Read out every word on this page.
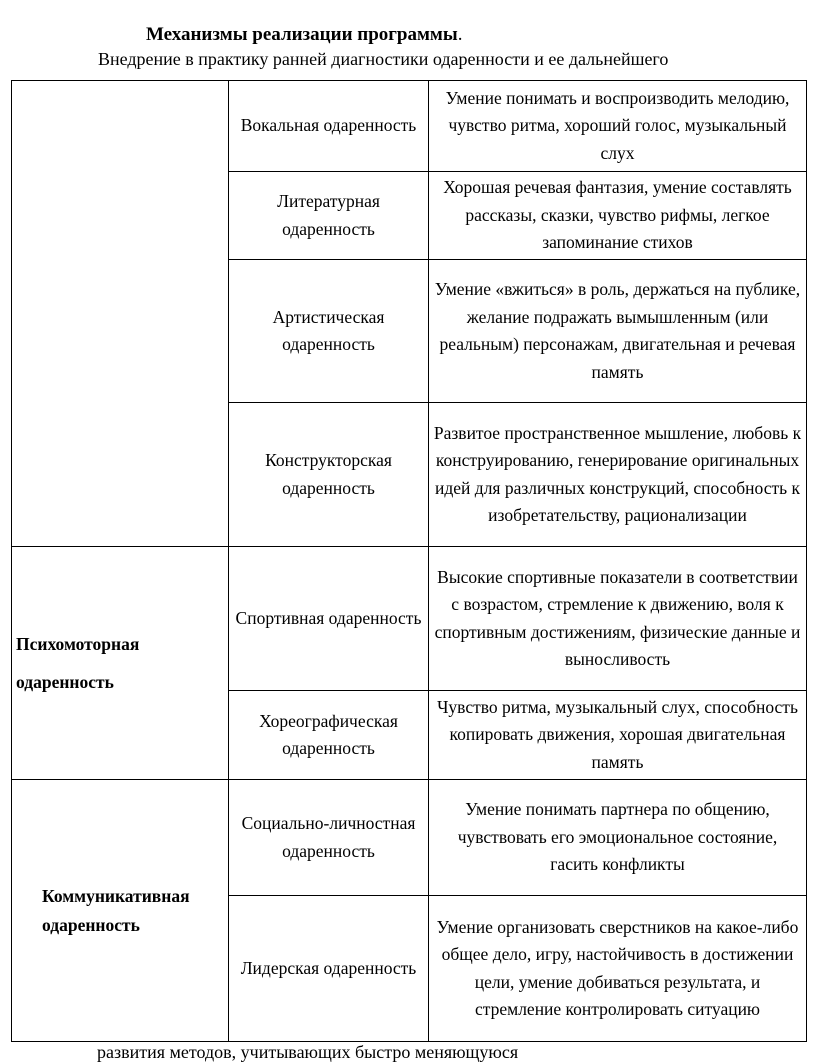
Механизмы реализации программы.
Внедрение в практику ранней диагностики одаренности и ее дальнейшего
	Вокальная одаренность	Умение понимать и воспроизводить мелодию, чувство ритма, хороший голос, музыкальный слух
	Литературная одаренность	Хорошая речевая фантазия, умение составлять рассказы, сказки, чувство рифмы, легкое запоминание стихов
	Артистическая одаренность	Умение «вжиться» в роль, держаться на публике, желание подражать вымышленным (или реальным) персонажам, двигательная и речевая память
	Конструкторская одаренность	Развитое пространственное мышление, любовь к конструированию, генерирование оригинальных идей для различных конструкций, способность к изобретательству, рационализации
Психомоторная одаренность	Спортивная одаренность	Высокие спортивные показатели в соответствии с возрастом, стремление к движению, воля к спортивным достижениям, физические данные и выносливость
	Хореографическая одаренность	Чувство ритма, музыкальный слух, способность копировать движения, хорошая двигательная память
Коммуникативная одаренность	Социально-личностная одаренность	Умение понимать партнера по общению, чувствовать его эмоциональное состояние, гасить конфликты
	Лидерская одаренность	Умение организовать сверстников на какое-либо общее дело, игру, настойчивость в достижении цели, умение добиваться результата, и стремление контролировать ситуацию
развития методов, учитывающих быстро меняющуюся
